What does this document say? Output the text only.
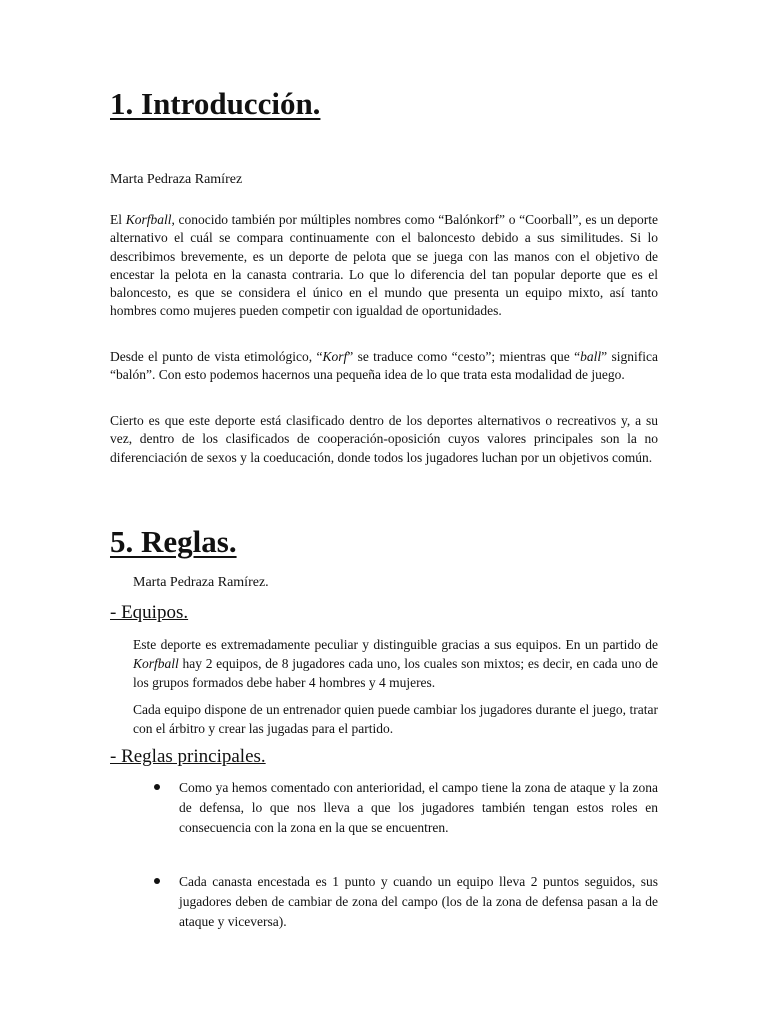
1. Introducción.

Marta Pedraza Ramírez

El Korfball, conocido también por múltiples nombres como “Balónkorf” o “Coorball”, es un deporte alternativo el cuál se compara continuamente con el baloncesto debido a sus similitudes. Si lo describimos brevemente, es un deporte de pelota que se juega con las manos con el objetivo de encestar la pelota en la canasta contraria. Lo que lo diferencia del tan popular deporte que es el baloncesto, es que se considera el único en el mundo que presenta un equipo mixto, así tanto hombres como mujeres pueden competir con igualdad de oportunidades.

Desde el punto de vista etimológico, “Korf” se traduce como “cesto”; mientras que “ball” significa “balón”. Con esto podemos hacernos una pequeña idea de lo que trata esta modalidad de juego.

Cierto es que este deporte está clasificado dentro de los deportes alternativos o recreativos y, a su vez, dentro de los clasificados de cooperación-oposición cuyos valores principales son la no diferenciación de sexos y la coeducación, donde todos los jugadores luchan por un objetivos común.

5. Reglas.

Marta Pedraza Ramírez.

- Equipos.

Este deporte es extremadamente peculiar y distinguible gracias a sus equipos. En un partido de Korfball hay 2 equipos, de 8 jugadores cada uno, los cuales son mixtos; es decir, en cada uno de los grupos formados debe haber 4 hombres y 4 mujeres.

Cada equipo dispone de un entrenador quien puede cambiar los jugadores durante el juego, tratar con el árbitro y crear las jugadas para el partido.

- Reglas principales.

Como ya hemos comentado con anterioridad, el campo tiene la zona de ataque y la zona de defensa, lo que nos lleva a que los jugadores también tengan estos roles en consecuencia con la zona en la que se encuentren.

Cada canasta encestada es 1 punto y cuando un equipo lleva 2 puntos seguidos, sus jugadores deben de cambiar de zona del campo (los de la zona de defensa pasan a la de ataque y viceversa).
